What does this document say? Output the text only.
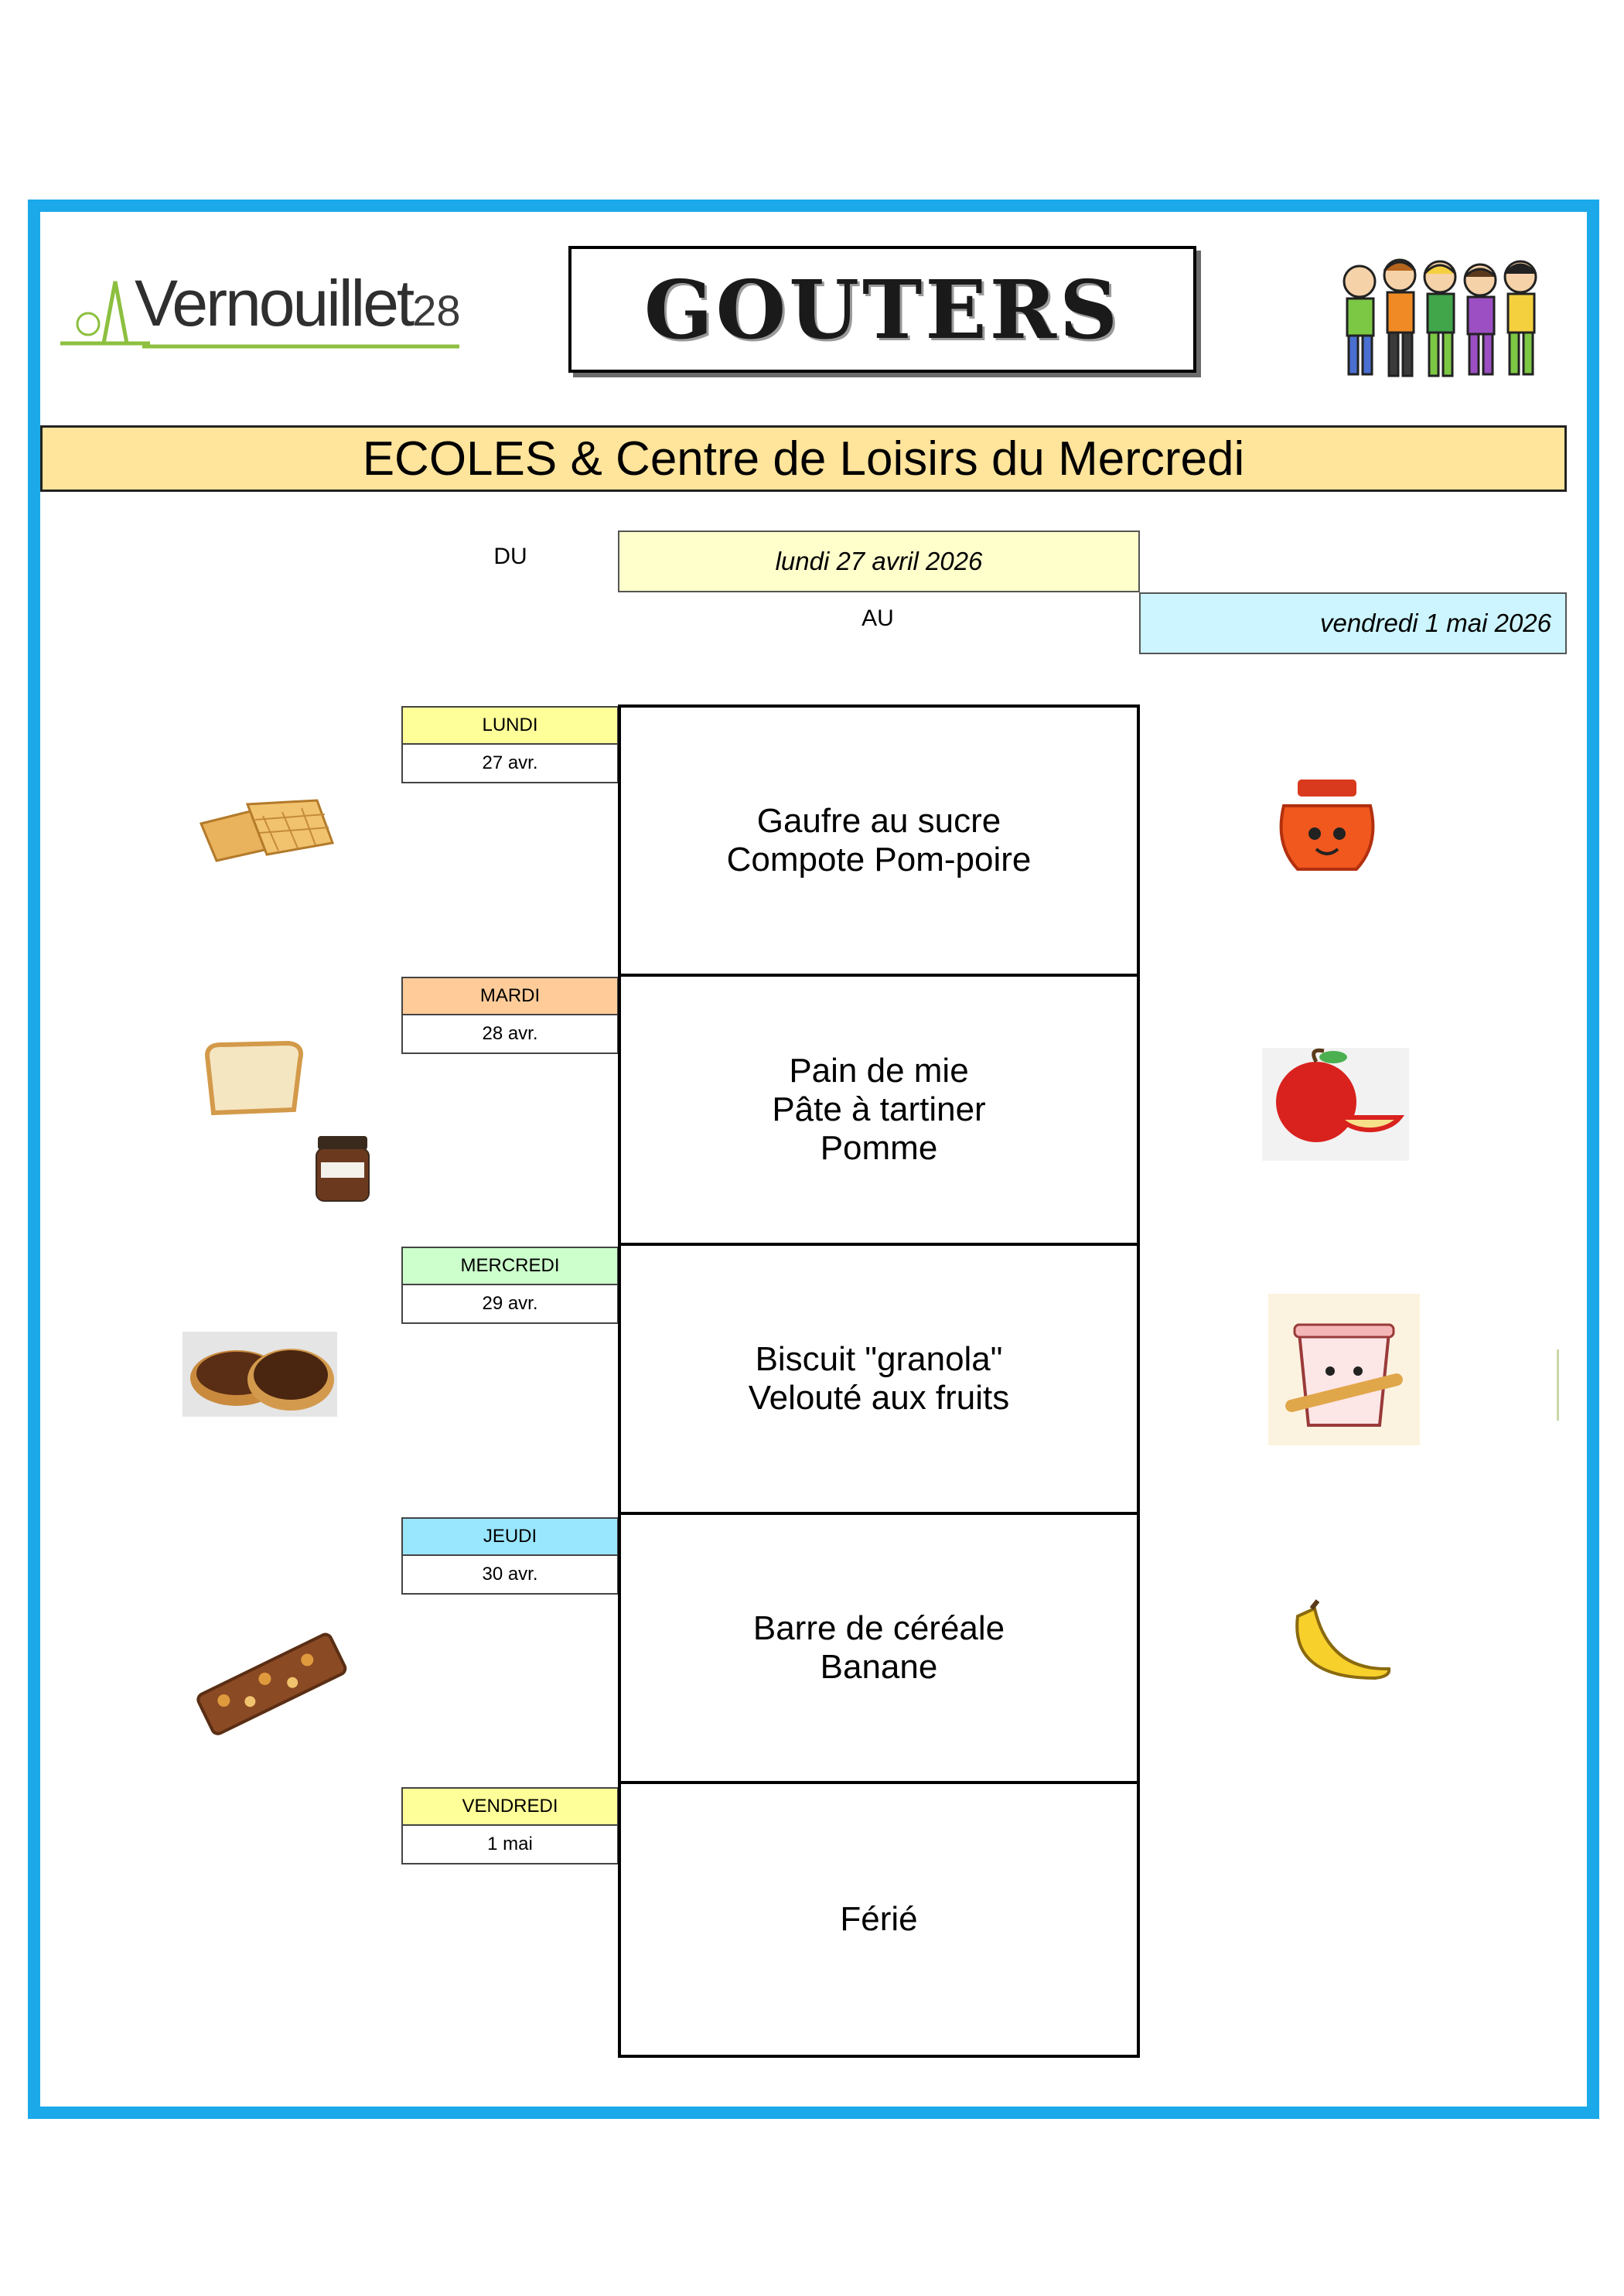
Vernouillet28 GOUTERS
ECOLES & Centre de Loisirs du Mercredi
DU	lundi 27 avril 2026
AU	vendredi 1 mai 2026
LUNDI
27 avr.
Gaufre au sucre
Compote Pom-poire
MARDI
28 avr.
Pain de mie
Pâte à tartiner
Pomme
MERCREDI
29 avr.
Biscuit "granola"
Velouté aux fruits
JEUDI
30 avr.
Barre de céréale
Banane
VENDREDI
1 mai
Férié
